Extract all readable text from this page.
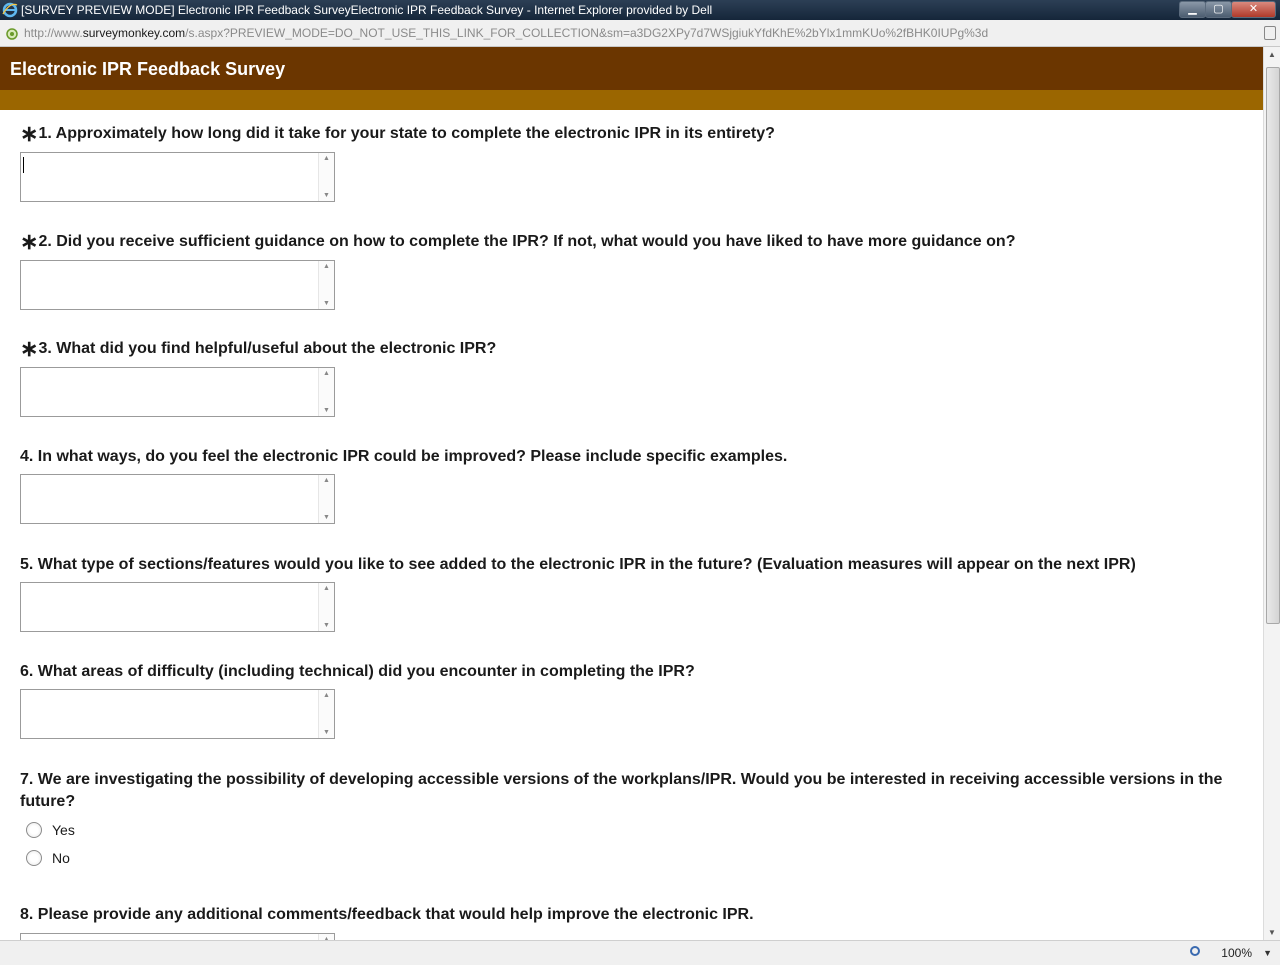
[SURVEY PREVIEW MODE] Electronic IPR Feedback SurveyElectronic IPR Feedback Survey - Internet Explorer provided by Dell	▁	▢	✕
http://www.surveymonkey.com/s.aspx?PREVIEW_MODE=DO_NOT_USE_THIS_LINK_FOR_COLLECTION&sm=a3DG2XPy7d7WSjgiukYfdKhE%2bYlx1mmKUo%2fBHK0IUPg%3d
Electronic IPR Feedback Survey
∗1. Approximately how long did it take for your state to complete the electronic IPR in its entirety?
▲
▼
∗2. Did you receive sufficient guidance on how to complete the IPR? If not, what would you have liked to have more guidance on?
▲
▼
∗3. What did you find helpful/useful about the electronic IPR?
▲
▼
4. In what ways, do you feel the electronic IPR could be improved? Please include specific examples.
▲
▼
5. What type of sections/features would you like to see added to the electronic IPR in the future? (Evaluation measures will appear on the next IPR)
▲
▼
6. What areas of difficulty (including technical) did you encounter in completing the IPR?
▲
▼
7. We are investigating the possibility of developing accessible versions of the workplans/IPR. Would you be interested in receiving accessible versions in the future?
Yes
No
8. Please provide any additional comments/feedback that would help improve the electronic IPR.
▲
▲
▼
100% ▼
